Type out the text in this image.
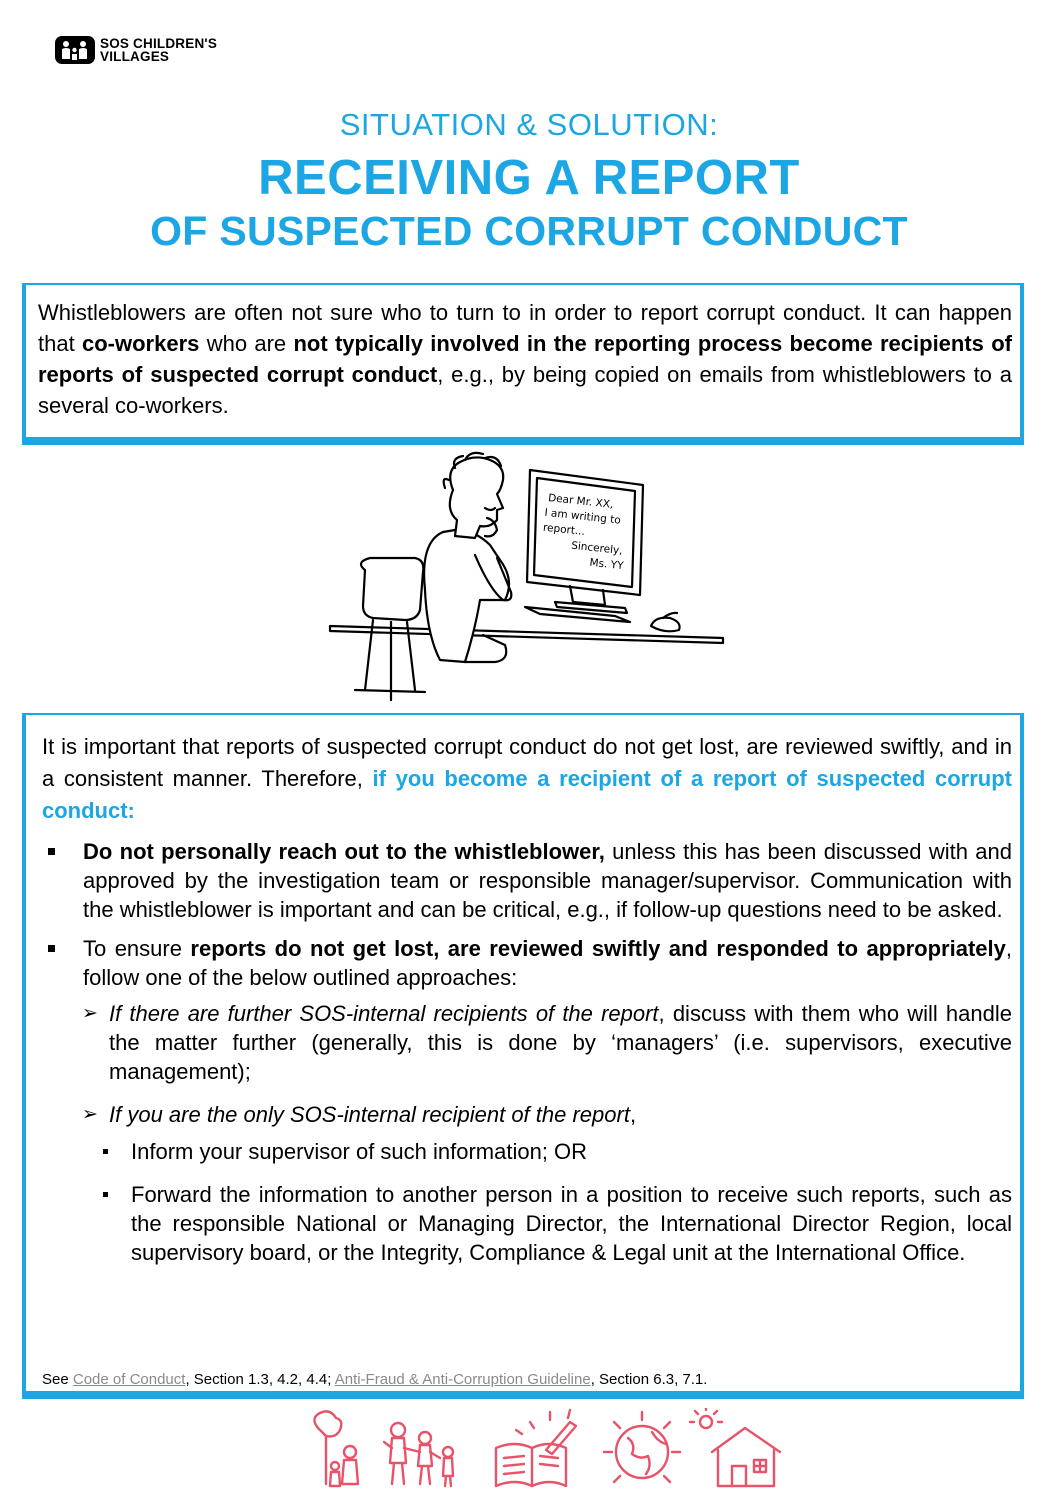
SOS CHILDREN'S
VILLAGES
SITUATION & SOLUTION:
RECEIVING A REPORT
OF SUSPECTED CORRUPT CONDUCT

Whistleblowers are often not sure who to turn to in order to report corrupt conduct. It can happen that co-workers who are not typically involved in the reporting process become recipients of reports of suspected corrupt conduct, e.g., by being copied on emails from whistleblowers to a several co-workers.

Dear Mr. XX,
I am writing to
report...
Sincerely,
Ms. YY

It is important that reports of suspected corrupt conduct do not get lost, are reviewed swiftly, and in a consistent manner. Therefore, if you become a recipient of a report of suspected corrupt conduct:

Do not personally reach out to the whistleblower, unless this has been discussed with and approved by the investigation team or responsible manager/supervisor. Communication with the whistleblower is important and can be critical, e.g., if follow-up questions need to be asked.
To ensure reports do not get lost, are reviewed swiftly and responded to appropriately, follow one of the below outlined approaches:
➢ If there are further SOS-internal recipients of the report, discuss with them who will handle the matter further (generally, this is done by ‘managers’ (i.e. supervisors, executive management);
➢ If you are the only SOS-internal recipient of the report,
Inform your supervisor of such information; OR
Forward the information to another person in a position to receive such reports, such as the responsible National or Managing Director, the International Director Region, local supervisory board, or the Integrity, Compliance & Legal unit at the International Office.
See Code of Conduct, Section 1.3, 4.2, 4.4; Anti-Fraud & Anti-Corruption Guideline, Section 6.3, 7.1.
